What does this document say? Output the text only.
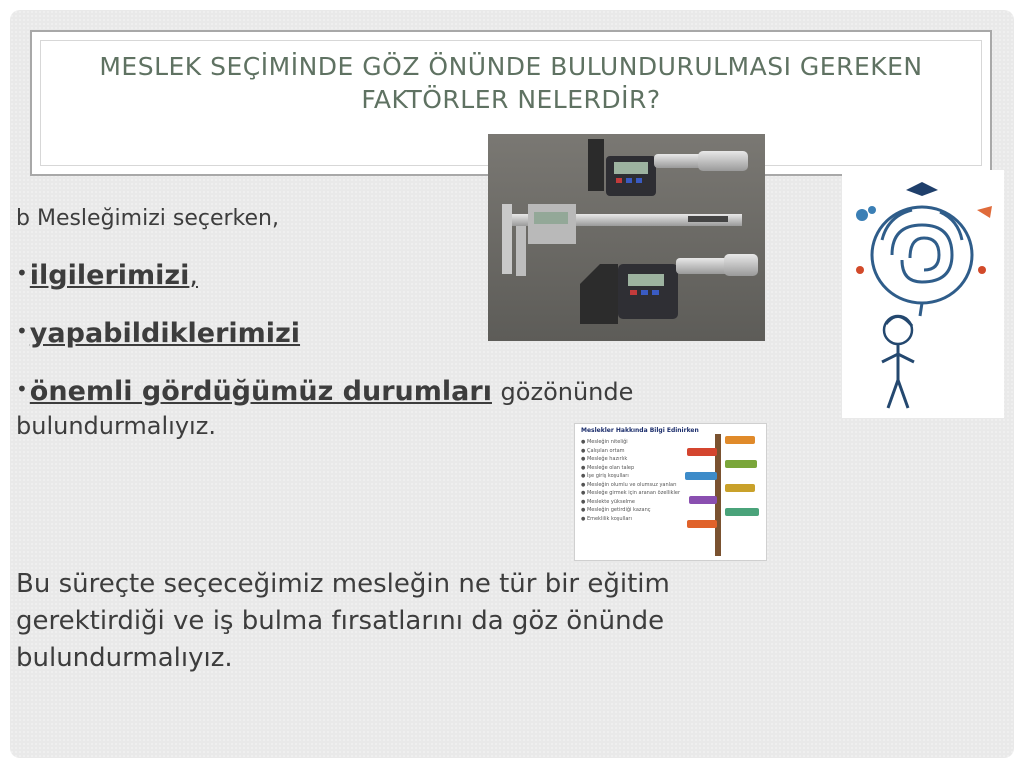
MESLEK SEÇİMİNDE GÖZ ÖNÜNDE BULUNDURULMASI GEREKEN FAKTÖRLER NELERDİR?
Meslekler Hakkında Bilgi Edinirken
● Mesleğin niteliği
● Çalışılan ortam
● Mesleğe hazırlık
● Mesleğe olan talep
● İşe giriş koşulları
● Mesleğin olumlu ve olumsuz yanları
● Mesleğe girmek için aranan özellikler
● Meslekte yükselme
● Mesleğin getirdiği kazanç
● Emeklilik koşulları
b Mesleğimizi seçerken,
•ilgilerimizi,
•yapabildiklerimizi
•önemli gördüğümüz durumları gözönünde bulundurmalıyız.
Bu süreçte seçeceğimiz mesleğin ne tür bir eğitim gerektirdiği ve iş bulma fırsatlarını da göz önünde bulundurmalıyız.
